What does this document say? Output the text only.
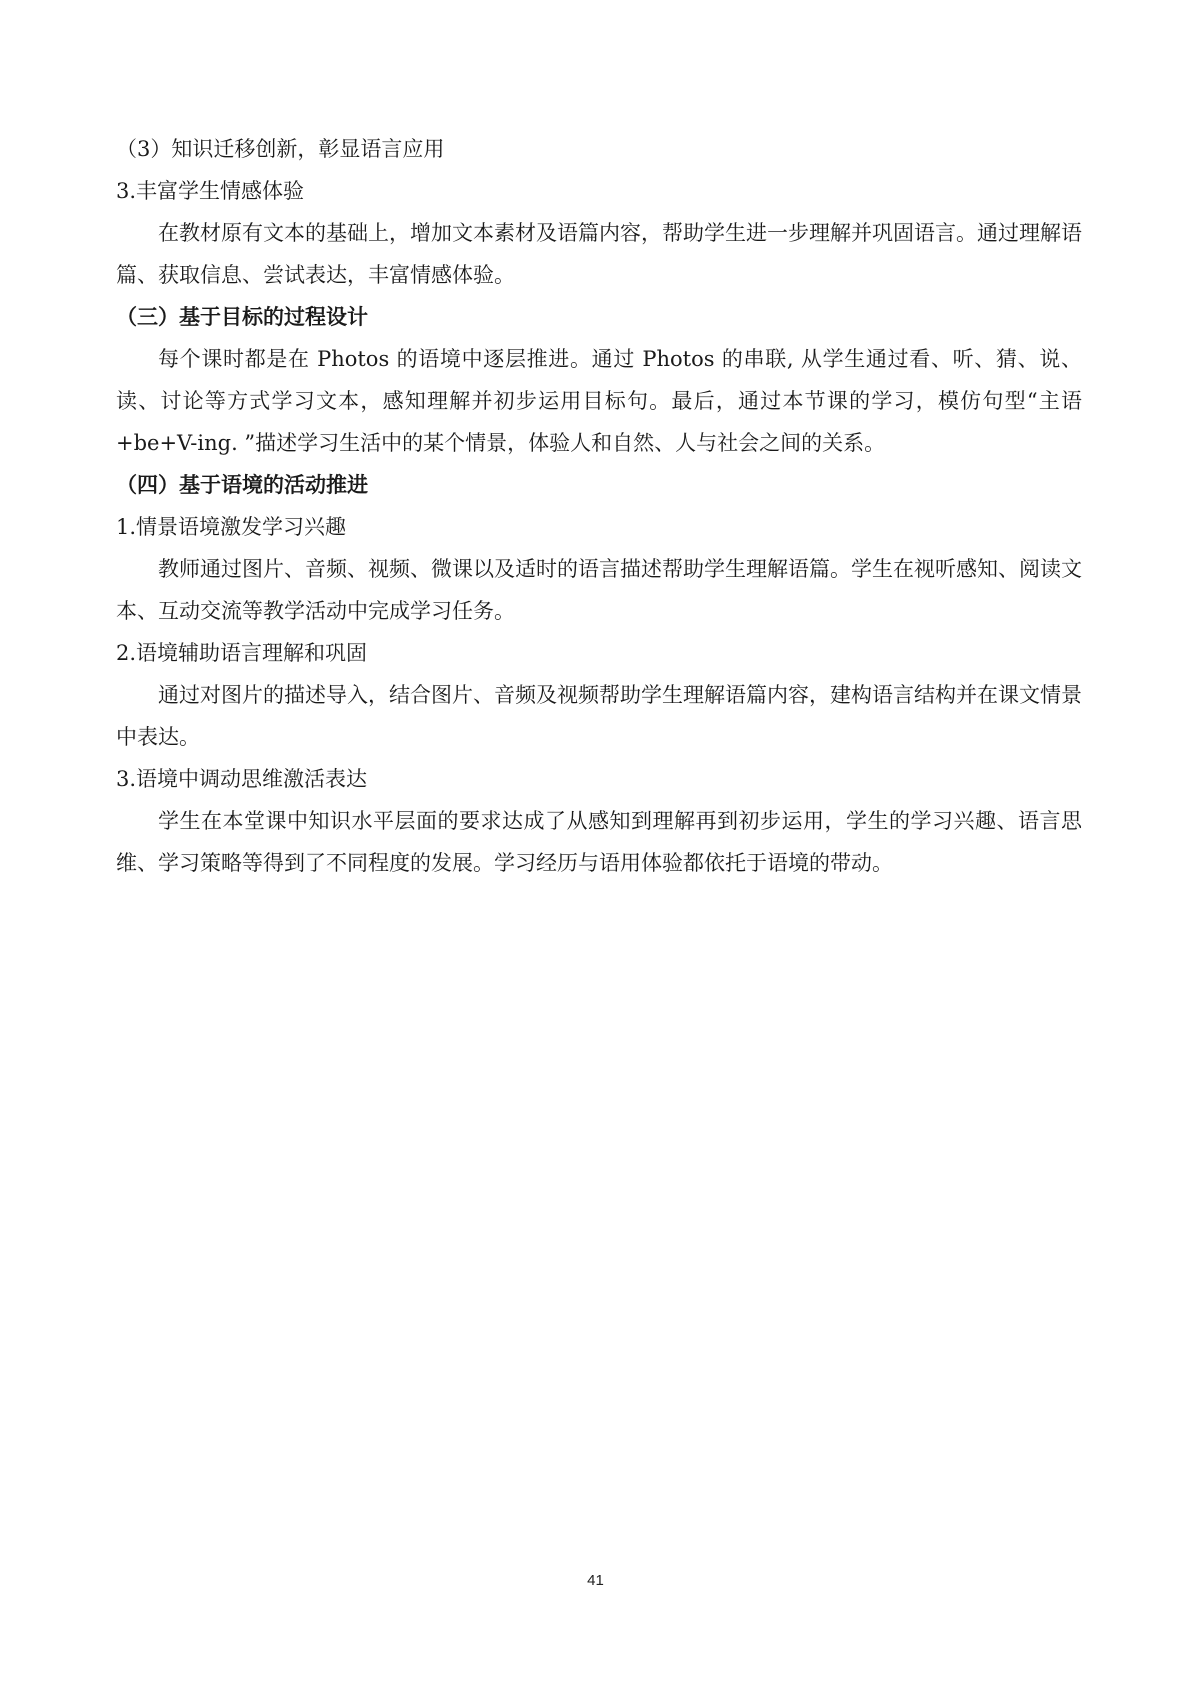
（3）知识迁移创新，彰显语言应用

3.丰富学生情感体验

在教材原有文本的基础上，增加文本素材及语篇内容，帮助学生进一步理解并巩固语言。通过理解语篇、获取信息、尝试表达，丰富情感体验。

（三）基于目标的过程设计

每个课时都是在 Photos 的语境中逐层推进。通过 Photos 的串联, 从学生通过看、听、猜、说、读、讨论等方式学习文本，感知理解并初步运用目标句。最后，通过本节课的学习，模仿句型“主语+be+V-ing. ”描述学习生活中的某个情景，体验人和自然、人与社会之间的关系。

（四）基于语境的活动推进

1.情景语境激发学习兴趣

教师通过图片、音频、视频、微课以及适时的语言描述帮助学生理解语篇。学生在视听感知、阅读文本、互动交流等教学活动中完成学习任务。

2.语境辅助语言理解和巩固

通过对图片的描述导入，结合图片、音频及视频帮助学生理解语篇内容，建构语言结构并在课文情景中表达。

3.语境中调动思维激活表达

学生在本堂课中知识水平层面的要求达成了从感知到理解再到初步运用，学生的学习兴趣、语言思维、学习策略等得到了不同程度的发展。学习经历与语用体验都依托于语境的带动。

41
